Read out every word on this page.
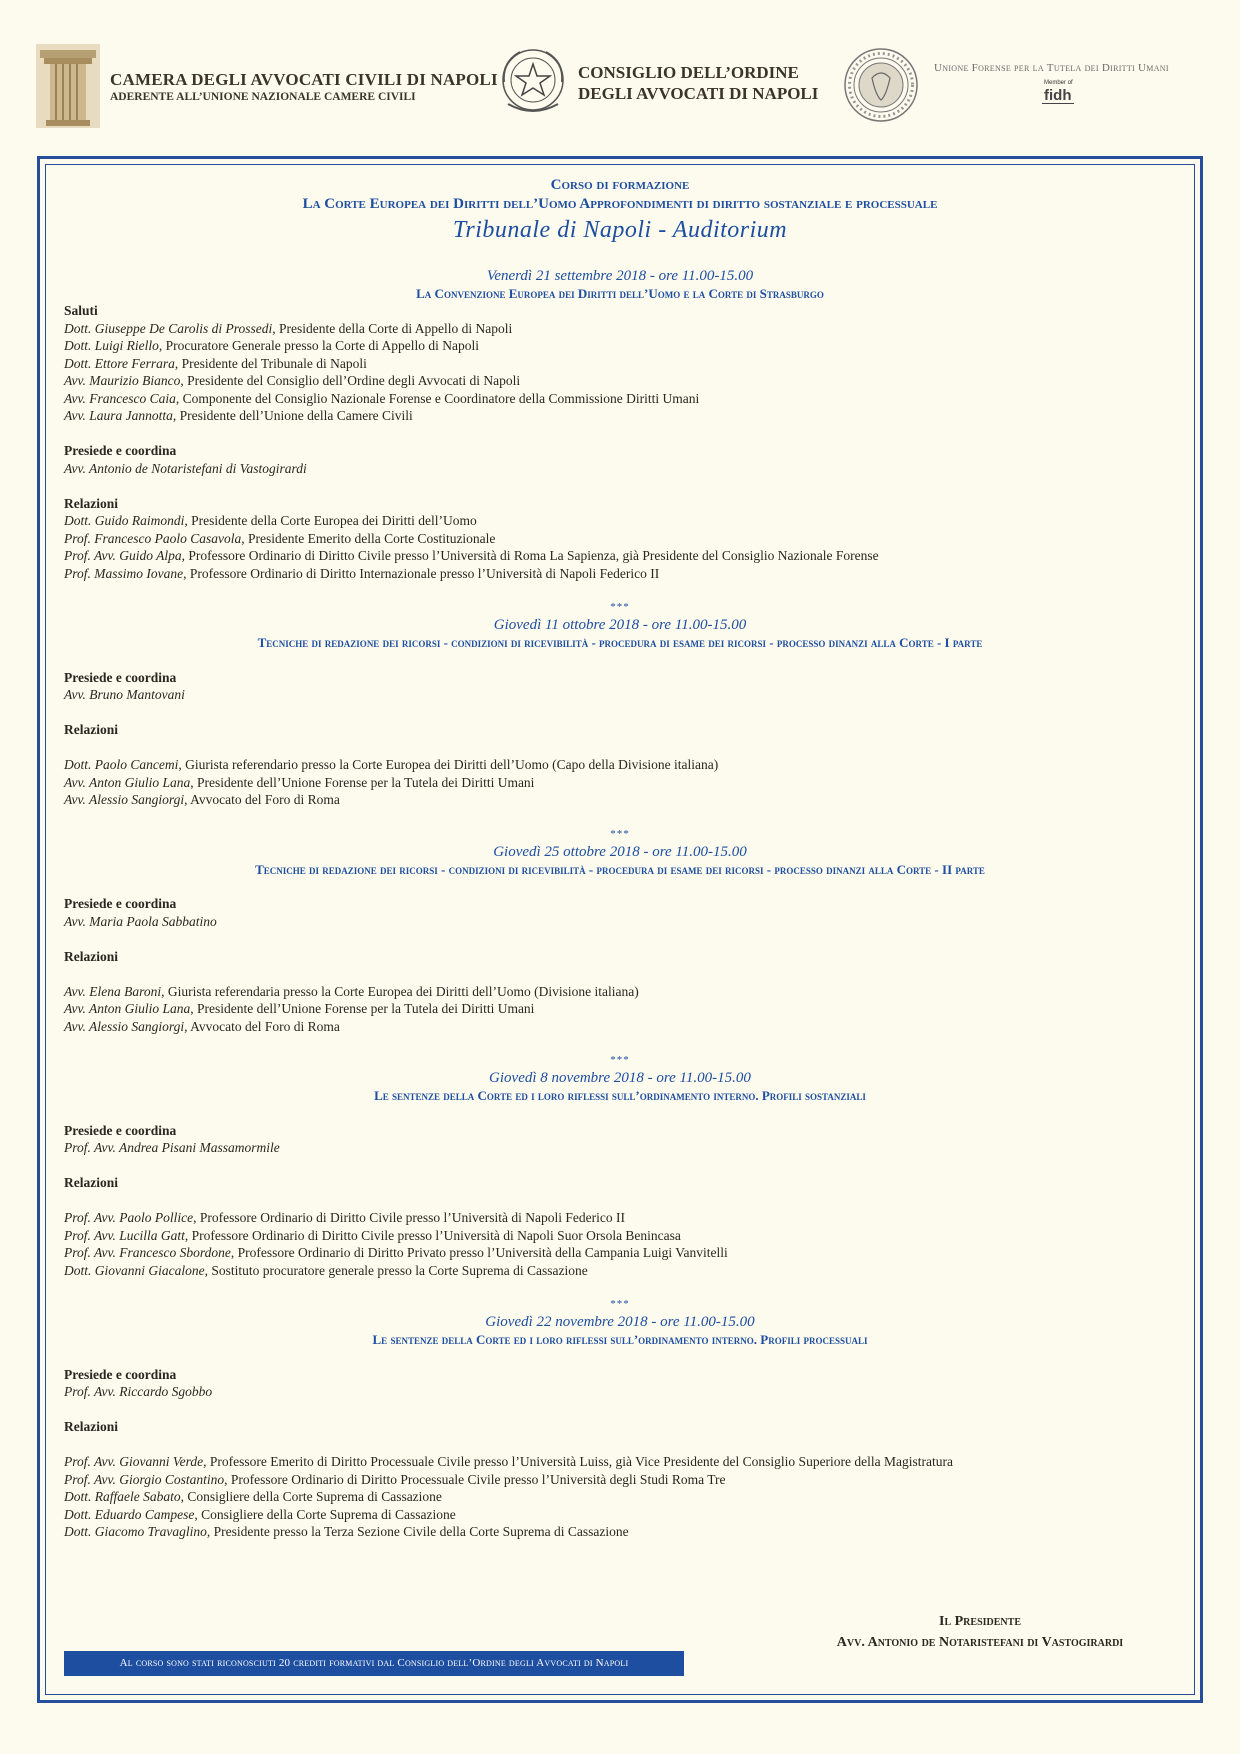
CAMERA DEGLI AVVOCATI CIVILI DI NAPOLI
ADERENTE ALL’UNIONE NAZIONALE CAMERE CIVILI
CONSIGLIO DELL’ORDINE
DEGLI AVVOCATI DI NAPOLI
Unione Forense per la Tutela dei Diritti Umani
Member of
fidh
Corso di formazione
La Corte Europea dei Diritti dell’Uomo Approfondimenti di diritto sostanziale e processuale
Tribunale di Napoli - Auditorium
Venerdì 21 settembre 2018 - ore 11.00-15.00
La Convenzione Europea dei Diritti dell’Uomo e la Corte di Strasburgo
Saluti
Dott. Giuseppe De Carolis di Prossedi, Presidente della Corte di Appello di Napoli
Dott. Luigi Riello, Procuratore Generale presso la Corte di Appello di Napoli
Dott. Ettore Ferrara, Presidente del Tribunale di Napoli
Avv. Maurizio Bianco, Presidente del Consiglio dell’Ordine degli Avvocati di Napoli
Avv. Francesco Caia, Componente del Consiglio Nazionale Forense e Coordinatore della Commissione Diritti Umani
Avv. Laura Jannotta, Presidente dell’Unione della Camere Civili
Presiede e coordina
Avv. Antonio de Notaristefani di Vastogirardi
Relazioni
Dott. Guido Raimondi, Presidente della Corte Europea dei Diritti dell’Uomo
Prof. Francesco Paolo Casavola, Presidente Emerito della Corte Costituzionale
Prof. Avv. Guido Alpa, Professore Ordinario di Diritto Civile presso l’Università di Roma La Sapienza, già Presidente del Consiglio Nazionale Forense
Prof. Massimo Iovane, Professore Ordinario di Diritto Internazionale presso l’Università di Napoli Federico II
***
Giovedì 11 ottobre 2018 - ore 11.00-15.00
Tecniche di redazione dei ricorsi - condizioni di ricevibilità - procedura di esame dei ricorsi - processo dinanzi alla Corte - I parte
Presiede e coordina
Avv. Bruno Mantovani
Relazioni
Dott. Paolo Cancemi, Giurista referendario presso la Corte Europea dei Diritti dell’Uomo (Capo della Divisione italiana)
Avv. Anton Giulio Lana, Presidente dell’Unione Forense per la Tutela dei Diritti Umani
Avv. Alessio Sangiorgi, Avvocato del Foro di Roma
***
Giovedì 25 ottobre 2018 - ore 11.00-15.00
Tecniche di redazione dei ricorsi - condizioni di ricevibilità - procedura di esame dei ricorsi - processo dinanzi alla Corte - II parte
Presiede e coordina
Avv. Maria Paola Sabbatino
Relazioni
Avv. Elena Baroni, Giurista referendaria presso la Corte Europea dei Diritti dell’Uomo (Divisione italiana)
Avv. Anton Giulio Lana, Presidente dell’Unione Forense per la Tutela dei Diritti Umani
Avv. Alessio Sangiorgi, Avvocato del Foro di Roma
***
Giovedì 8 novembre 2018 - ore 11.00-15.00
Le sentenze della Corte ed i loro riflessi sull’ordinamento interno. Profili sostanziali
Presiede e coordina
Prof. Avv. Andrea Pisani Massamormile
Relazioni
Prof. Avv. Paolo Pollice, Professore Ordinario di Diritto Civile presso l’Università di Napoli Federico II
Prof. Avv. Lucilla Gatt, Professore Ordinario di Diritto Civile presso l’Università di Napoli Suor Orsola Benincasa
Prof. Avv. Francesco Sbordone, Professore Ordinario di Diritto Privato presso l’Università della Campania Luigi Vanvitelli
Dott. Giovanni Giacalone, Sostituto procuratore generale presso la Corte Suprema di Cassazione
***
Giovedì 22 novembre 2018 - ore 11.00-15.00
Le sentenze della Corte ed i loro riflessi sull’ordinamento interno. Profili processuali
Presiede e coordina
Prof. Avv. Riccardo Sgobbo
Relazioni
Prof. Avv. Giovanni Verde, Professore Emerito di Diritto Processuale Civile presso l’Università Luiss, già Vice Presidente del Consiglio Superiore della Magistratura
Prof. Avv. Giorgio Costantino, Professore Ordinario di Diritto Processuale Civile presso l’Università degli Studi Roma Tre
Dott. Raffaele Sabato, Consigliere della Corte Suprema di Cassazione
Dott. Eduardo Campese, Consigliere della Corte Suprema di Cassazione
Dott. Giacomo Travaglino, Presidente presso la Terza Sezione Civile della Corte Suprema di Cassazione
Al corso sono stati riconosciuti 20 crediti formativi dal Consiglio dell’Ordine degli Avvocati di Napoli
Il Presidente
Avv. Antonio de Notaristefani di Vastogirardi
